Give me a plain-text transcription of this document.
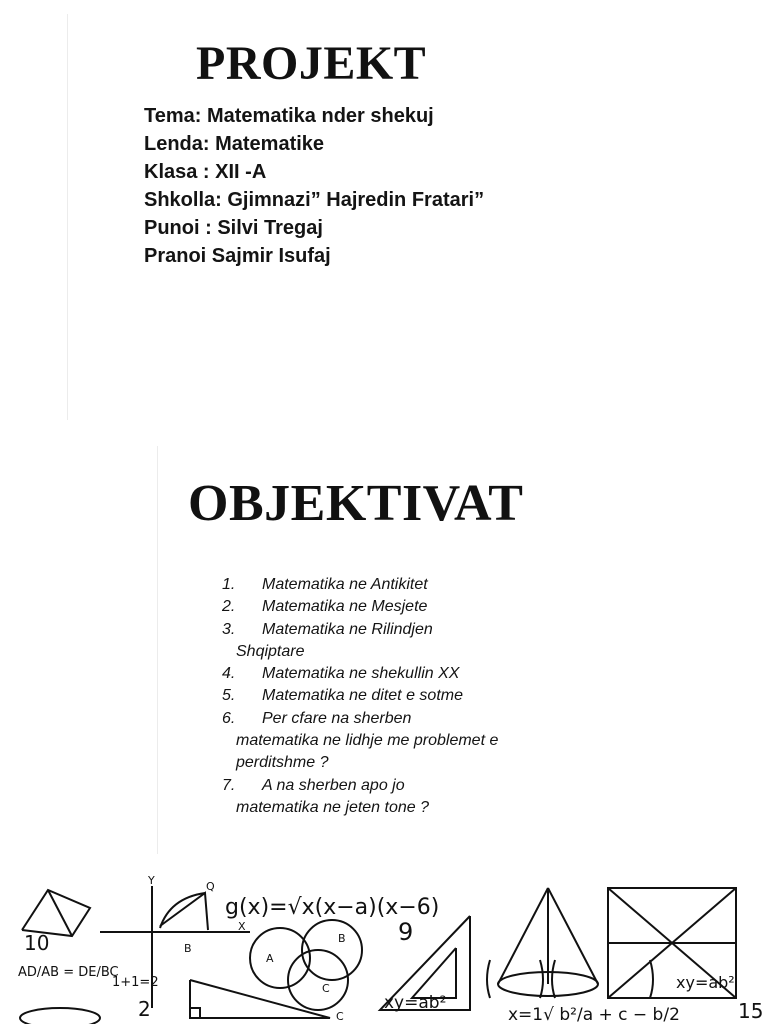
PROJEKT
Tema: Matematika nder shekuj
Lenda: Matematike
Klasa : XII -A
Shkolla: Gjimnazi” Hajredin Fratari”
Punoi : Silvi Tregaj
Pranoi Sajmir Isufaj
OBJEKTIVAT
1. Matematika ne Antikitet
2. Matematika ne Mesjete
3. Matematika ne Rilindjen
Shqiptare
4. Matematika ne shekullin XX
5. Matematika ne ditet e sotme
6. Per cfare na sherben
matematika ne lidhje me problemet e perditshme ?
7. A na sherben apo jo
matematika ne jeten tone ?
g(x)=√x(x−a)(x−6)
10	9
AD/AB = DE/BC
1+1=2
xy=ab²
xy=ab²
x=1√ b²/a + c − b/2	15
2
A
B
C
Y
X
Q
B
C
